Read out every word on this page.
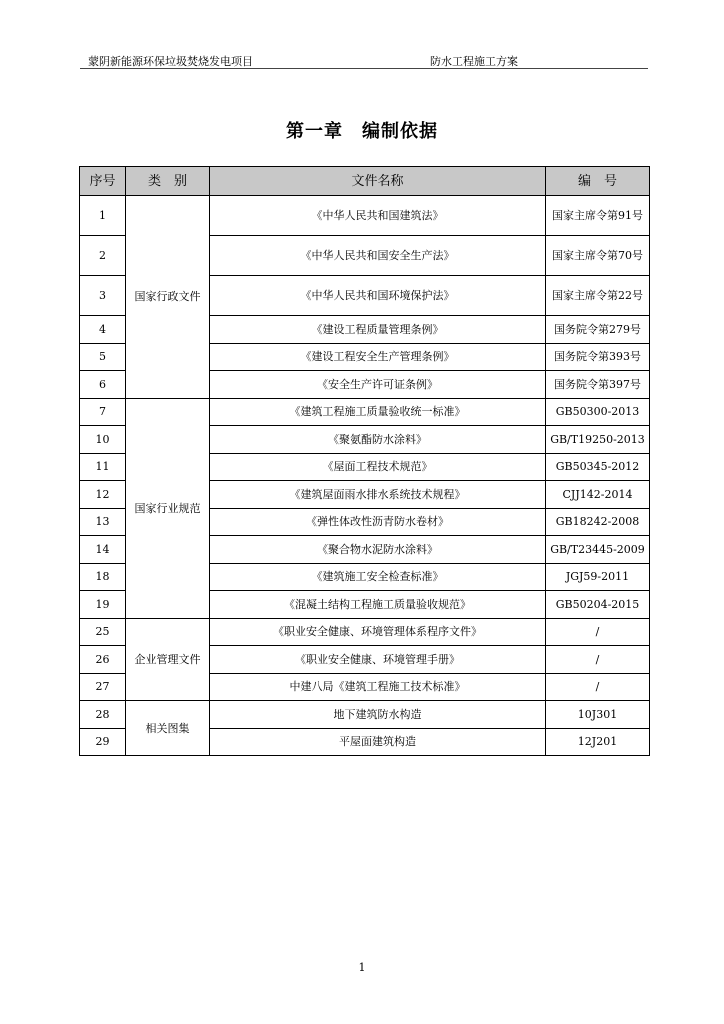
蒙阴新能源环保垃圾焚烧发电项目	防水工程施工方案
第一章　编制依据
序号	类　别	文件名称	编　号
1	国家行政文件	《中华人民共和国建筑法》	国家主席令第91号
2		《中华人民共和国安全生产法》	国家主席令第70号
3		《中华人民共和国环境保护法》	国家主席令第22号
4		《建设工程质量管理条例》	国务院令第279号
5		《建设工程安全生产管理条例》	国务院令第393号
6		《安全生产许可证条例》	国务院令第397号
7	国家行业规范	《建筑工程施工质量验收统一标准》	GB50300-2013
10		《聚氨酯防水涂料》	GB/T19250-2013
11		《屋面工程技术规范》	GB50345-2012
12		《建筑屋面雨水排水系统技术规程》	CJJ142-2014
13		《弹性体改性沥青防水卷材》	GB18242-2008
14		《聚合物水泥防水涂料》	GB/T23445-2009
18		《建筑施工安全检查标准》	JGJ59-2011
19		《混凝土结构工程施工质量验收规范》	GB50204-2015
25	企业管理文件	《职业安全健康、环境管理体系程序文件》	/
26		《职业安全健康、环境管理手册》	/
27		中建八局《建筑工程施工技术标准》	/
28	相关图集	地下建筑防水构造	10J301
29		平屋面建筑构造	12J201
1
